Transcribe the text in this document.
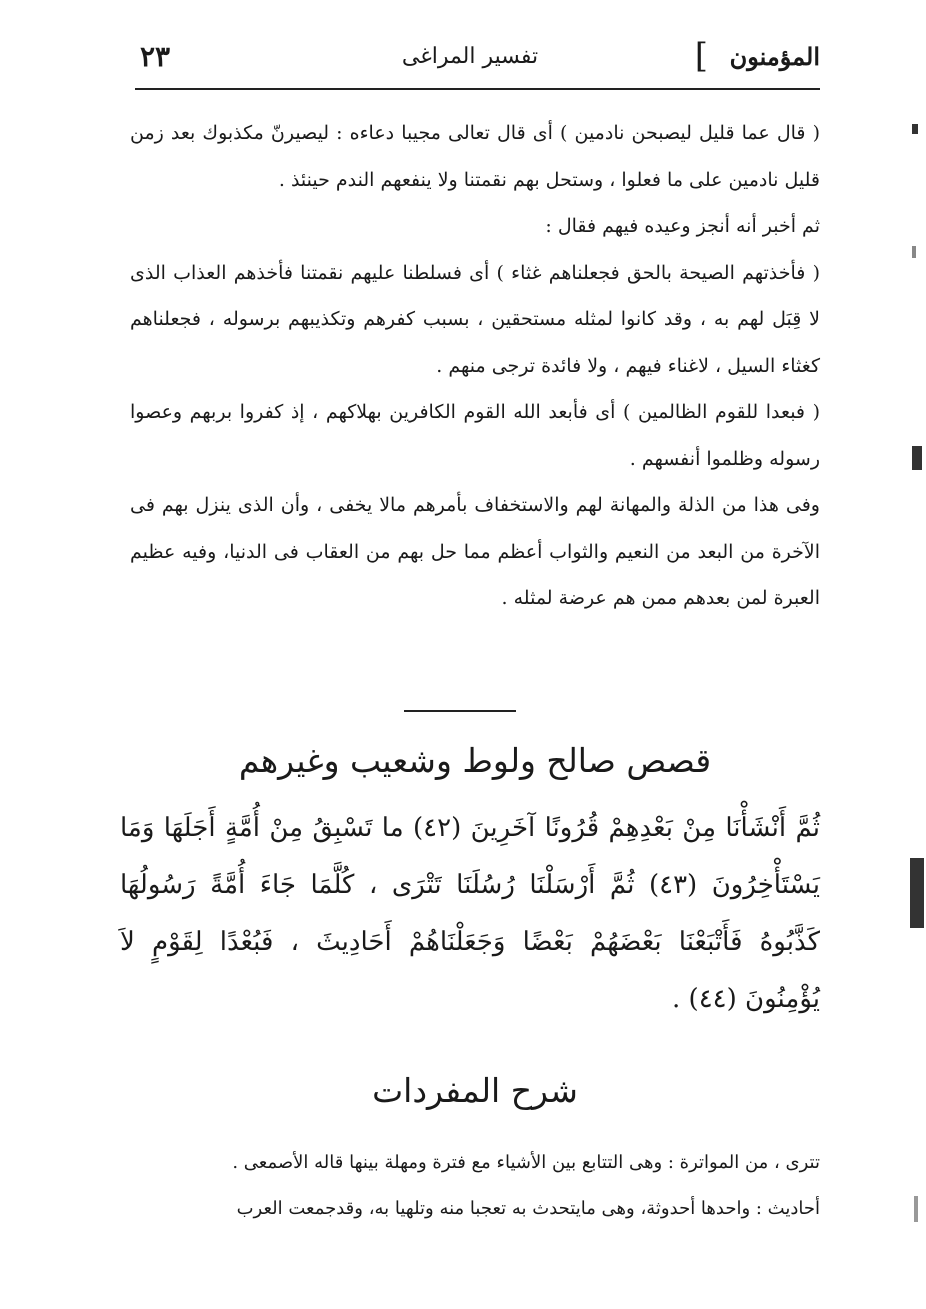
المؤمنون
]
تفسير المراغى
٢٣

( قال عما قليل ليصبحن نادمين ) أى قال تعالى مجيبا دعاءه : ليصيرنّ مكذبوك بعد زمن قليل نادمين على ما فعلوا ، وستحل بهم نقمتنا ولا ينفعهم الندم حينئذ .

ثم أخبر أنه أنجز وعيده فيهم فقال :

( فأخذتهم الصيحة بالحق فجعلناهم غثاء ) أى فسلطنا عليهم نقمتنا فأخذهم العذاب الذى لا قِبَل لهم به ، وقد كانوا لمثله مستحقين ، بسبب كفرهم وتكذيبهم برسوله ، فجعلناهم كغثاء السيل ، لاغناء فيهم ، ولا فائدة ترجى منهم .

( فبعدا للقوم الظالمين ) أى فأبعد الله القوم الكافرين بهلاكهم ، إذ كفروا بربهم وعصوا رسوله وظلموا أنفسهم .

وفى هذا من الذلة والمهانة لهم والاستخفاف بأمرهم مالا يخفى ، وأن الذى ينزل بهم فى الآخرة من البعد من النعيم والثواب أعظم مما حل بهم من العقاب فى الدنيا، وفيه عظيم العبرة لمن بعدهم ممن هم عرضة لمثله .

قصص صالح ولوط وشعيب وغيرهم

ثُمَّ أَنْشَأْنَا مِنْ بَعْدِهِمْ قُرُونًا آخَرِينَ (٤٢) ما تَسْبِقُ مِنْ أُمَّةٍ أَجَلَهَا وَمَا يَسْتَأْخِرُونَ (٤٣) ثُمَّ أَرْسَلْنَا رُسُلَنَا تَتْرَى ، كُلَّمَا جَاءَ أُمَّةً رَسُولُهَا كَذَّبُوهُ فَأَتْبَعْنَا بَعْضَهُمْ بَعْضًا وَجَعَلْنَاهُمْ أَحَادِيثَ ، فَبُعْدًا لِقَوْمٍ لاَ يُؤْمِنُونَ (٤٤) .

شرح المفردات

تترى ، من المواترة : وهى التتابع بين الأشياء مع فترة ومهلة بينها قاله الأصمعى .

أحاديث : واحدها أحدوثة، وهى مايتحدث به تعجبا منه وتلهيا به، وقدجمعت العرب
